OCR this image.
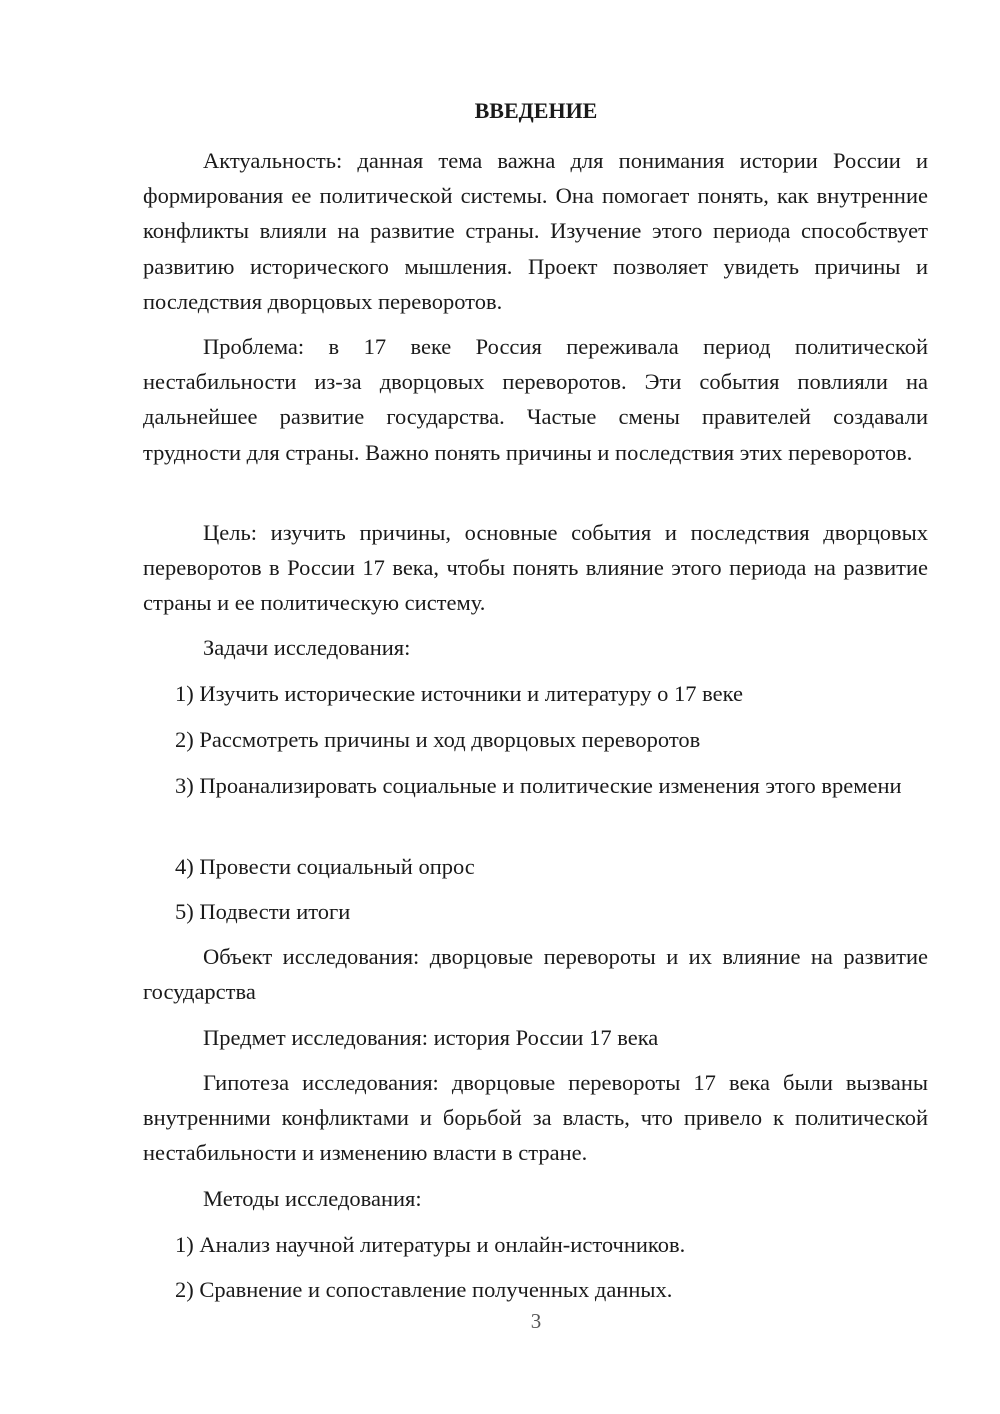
ВВЕДЕНИЕ
Актуальность: данная тема важна для понимания истории России и формирования ее политической системы. Она помогает понять, как внутренние конфликты влияли на развитие страны. Изучение этого периода способствует развитию исторического мышления. Проект позволяет увидеть причины и последствия дворцовых переворотов.
Проблема: в 17 веке Россия переживала период политической нестабильности из-за дворцовых переворотов. Эти события повлияли на дальнейшее развитие государства. Частые смены правителей создавали трудности для страны. Важно понять причины и последствия этих переворотов.
Цель: изучить причины, основные события и последствия дворцовых переворотов в России 17 века, чтобы понять влияние этого периода на развитие страны и ее политическую систему.
Задачи исследования:
1) Изучить исторические источники и литературу о 17 веке
2) Рассмотреть причины и ход дворцовых переворотов
3) Проанализировать социальные и политические изменения этого времени
4) Провести социальный опрос
5) Подвести итоги
Объект исследования: дворцовые перевороты и их влияние на развитие государства
Предмет исследования: история России 17 века
Гипотеза исследования: дворцовые перевороты 17 века были вызваны внутренними конфликтами и борьбой за власть, что привело к политической нестабильности и изменению власти в стране.
Методы исследования:
1) Анализ научной литературы и онлайн-источников.
2) Сравнение и сопоставление полученных данных.
3
